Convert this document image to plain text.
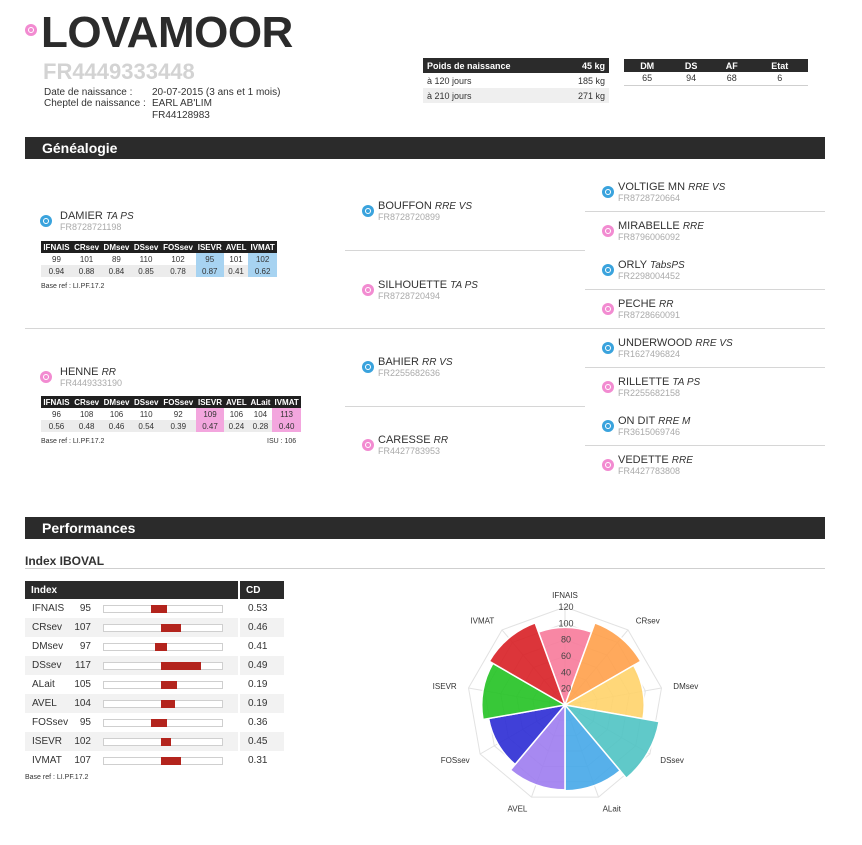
LOVAMOOR
FR4449333448
Date de naissance : 20-07-2015 (3 ans et 1 mois)
Cheptel de naissance : EARL AB'LIM
FR44128983
Poids de naissance	45 kg
à 120 jours	185 kg
à 210 jours	271 kg
DM	DS	AF	Etat
65	94	68	6
Généalogie
DAMIER TA PS
FR8728721198
IFNAIS	CRsev	DMsev	DSsev	FOSsev	ISEVR	AVEL	IVMAT
99	101	89	110	102	95	101	102
0.94	0.88	0.84	0.85	0.78	0.87	0.41	0.62
Base ref : LI.PF.17.2
HENNE RR
FR4449333190
IFNAIS	CRsev	DMsev	DSsev	FOSsev	ISEVR	AVEL	ALait	IVMAT
96	108	106	110	92	109	106	104	113
0.56	0.48	0.46	0.54	0.39	0.47	0.24	0.28	0.40
Base ref : LI.PF.17.2	ISU : 106
BOUFFON RRE VS
FR8728720899
SILHOUETTE TA PS
FR8728720494
BAHIER RR VS
FR2255682636
CARESSE RR
FR4427783953
VOLTIGE MN RRE VS
FR8728720664
MIRABELLE RRE
FR8796006092
ORLY TabsPS
FR2298004452
PECHE RR
FR8728660091
UNDERWOOD RRE VS
FR1627496824
RILLETTE TA PS
FR2255682158
ON DIT RRE M
FR3615069746
VEDETTE RRE
FR4427783808
Performances
Index IBOVAL
Index			CD
IFNAIS	95		0.53
CRsev	107		0.46
DMsev	97		0.41
DSsev	117		0.49
ALait	105		0.19
AVEL	104		0.19
FOSsev	95		0.36
ISEVR	102		0.45
IVMAT	107		0.31
Base ref : LI.PF.17.2
120
100
80
60
40
20
IFNAIS
CRsev
DMsev
DSsev
ALait
AVEL
FOSsev
ISEVR
IVMAT
